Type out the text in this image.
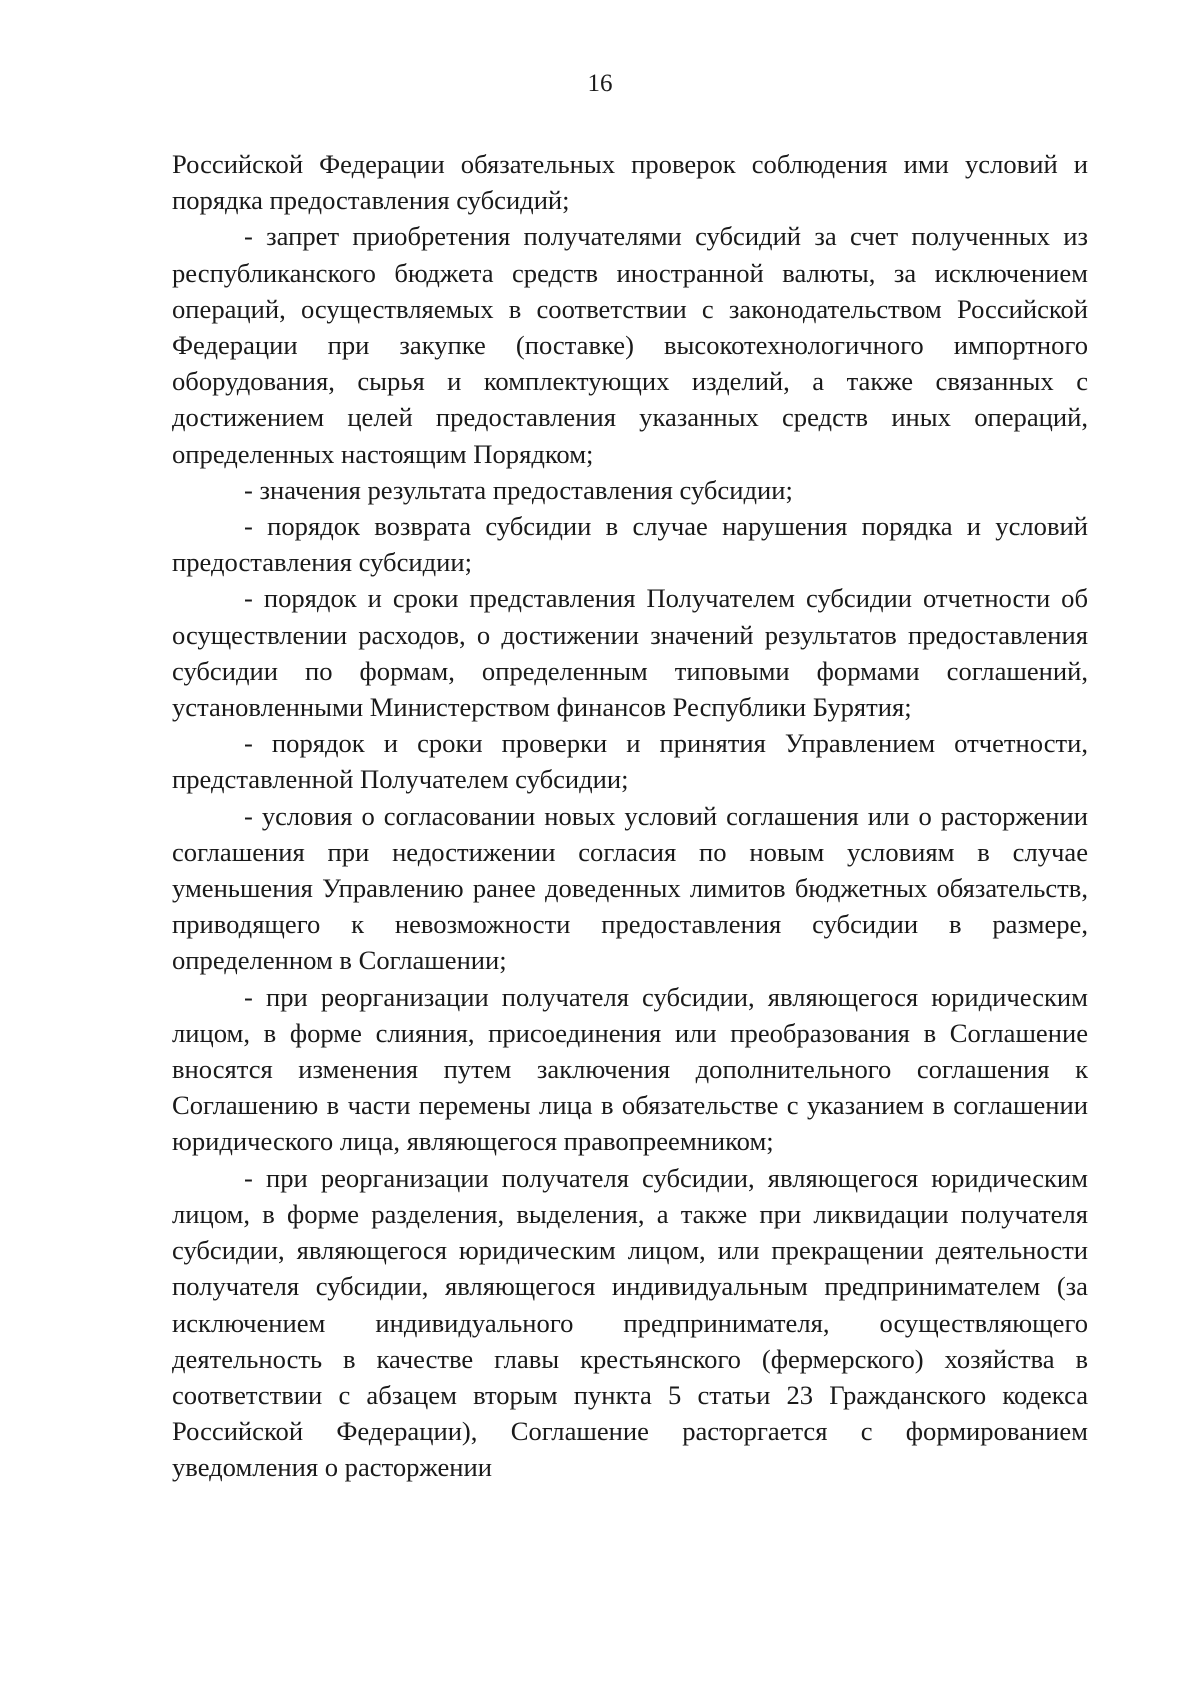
16

Российской Федерации обязательных проверок соблюдения ими условий и порядка предоставления субсидий;

- запрет приобретения получателями субсидий за счет полученных из республиканского бюджета средств иностранной валюты, за исключением операций, осуществляемых в соответствии с законодательством Российской Федерации при закупке (поставке) высокотехнологичного импортного оборудования, сырья и комплектующих изделий, а также связанных с достижением целей предоставления указанных средств иных операций, определенных настоящим Порядком;

- значения результата предоставления субсидии;

- порядок возврата субсидии в случае нарушения порядка и условий предоставления субсидии;

- порядок и сроки представления Получателем субсидии отчетности об осуществлении расходов, о достижении значений результатов предоставления субсидии по формам, определенным типовыми формами соглашений, установленными Министерством финансов Республики Бурятия;

- порядок и сроки проверки и принятия Управлением отчетности, представленной Получателем субсидии;

- условия о согласовании новых условий соглашения или о расторжении соглашения при недостижении согласия по новым условиям в случае уменьшения Управлению ранее доведенных лимитов бюджетных обязательств, приводящего к невозможности предоставления субсидии в размере, определенном в Соглашении;

- при реорганизации получателя субсидии, являющегося юридическим лицом, в форме слияния, присоединения или преобразования в Соглашение вносятся изменения путем заключения дополнительного соглашения к Соглашению в части перемены лица в обязательстве с указанием в соглашении юридического лица, являющегося правопреемником;

- при реорганизации получателя субсидии, являющегося юридическим лицом, в форме разделения, выделения, а также при ликвидации получателя субсидии, являющегося юридическим лицом, или прекращении деятельности получателя субсидии, являющегося индивидуальным предпринимателем (за исключением индивидуального предпринимателя, осуществляющего деятельность в качестве главы крестьянского (фермерского) хозяйства в соответствии с абзацем вторым пункта 5 статьи 23 Гражданского кодекса Российской Федерации), Соглашение расторгается с формированием уведомления о расторжении
